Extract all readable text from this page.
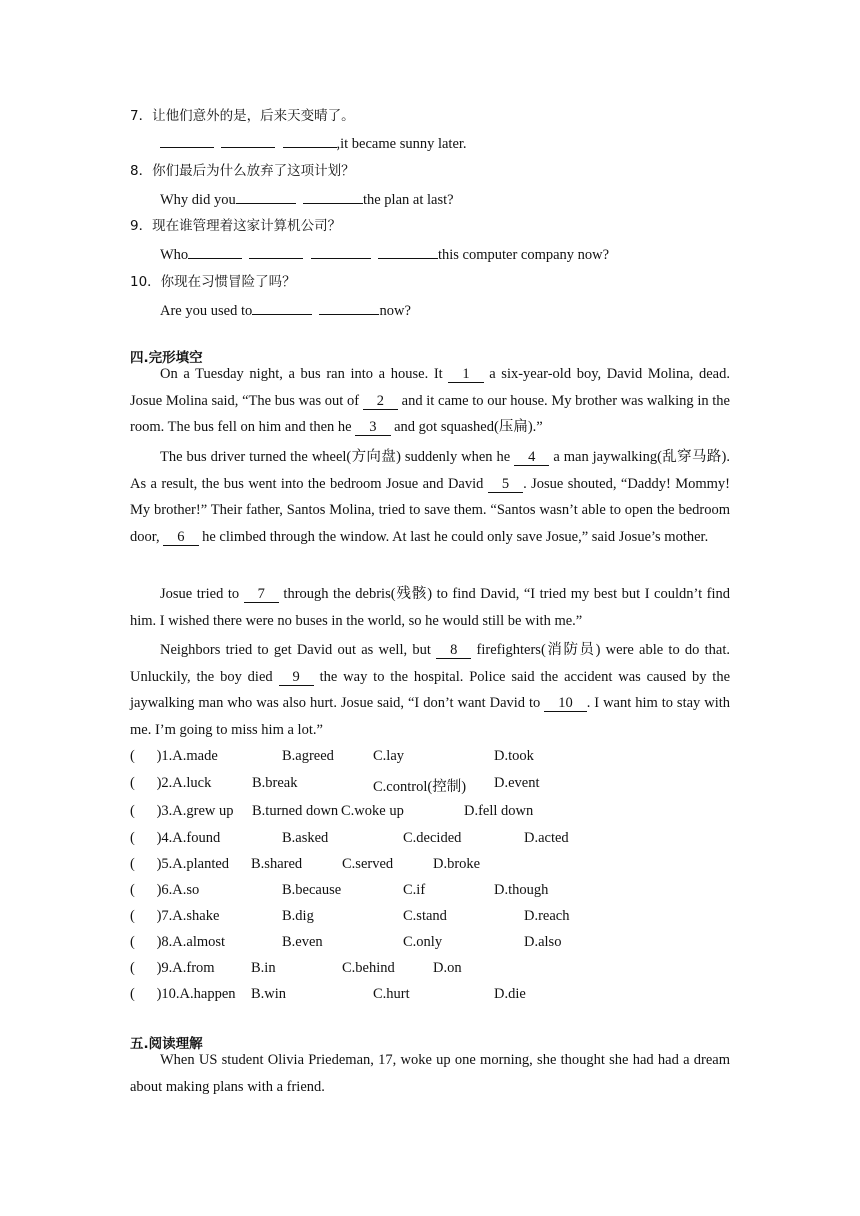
7．让他们意外的是，后来天变晴了。
,it became sunny later.
8．你们最后为什么放弃了这项计划？
Why did you	the plan at last?
9．现在谁管理着这家计算机公司？
Who	this computer company now?
10．你现在习惯冒险了吗？
Are you used to	now?
四.完形填空
On a Tuesday night, a bus ran into a house. It 1 a six-year-old boy, David Molina, dead. Josue Molina said, “The bus was out of 2 and it came to our house. My brother was walking in the room. The bus fell on him and then he 3 and got squashed(压扁).”
The bus driver turned the wheel(方向盘) suddenly when he 4 a man jaywalking(乱穿马路). As a result, the bus went into the bedroom Josue and David 5 . Josue shouted, “Daddy! Mommy! My brother!” Their father, Santos Molina, tried to save them. “Santos wasn’t able to open the bedroom door, 6 he climbed through the window. At last he could only save Josue,” said Josue’s mother.
Josue tried to 7 through the debris(残骸) to find David, “I tried my best but I couldn’t find him. I wished there were no buses in the world, so he would still be with me.”
Neighbors tried to get David out as well, but 8 firefighters(消防员) were able to do that. Unluckily, the boy died 9 the way to the hospital. Police said the accident was caused by the jaywalking man who was also hurt. Josue said, “I don’t want David to 10 . I want him to stay with me. I’m going to miss him a lot.”
(      )1.A.made	B.agreed	C.lay	D.took
(      )2.A.luck	B.break	C.control(控制) D.event
(      )3.A.grew up B.turned down C.woke up	D.fell down
(      )4.A.found	B.asked	C.decided	D.acted
(      )5.A.planted B.shared	C.served	D.broke
(      )6.A.so	B.because	C.if	D.though
(      )7.A.shake	B.dig	C.stand	D.reach
(      )8.A.almost	B.even	C.only	D.also
(      )9.A.from	B.in	C.behind	D.on
(      )10.A.happen B.win	C.hurt	D.die
五.阅读理解
When US student Olivia Priedeman, 17, woke up one morning, she thought she had had a dream about making plans with a friend.
